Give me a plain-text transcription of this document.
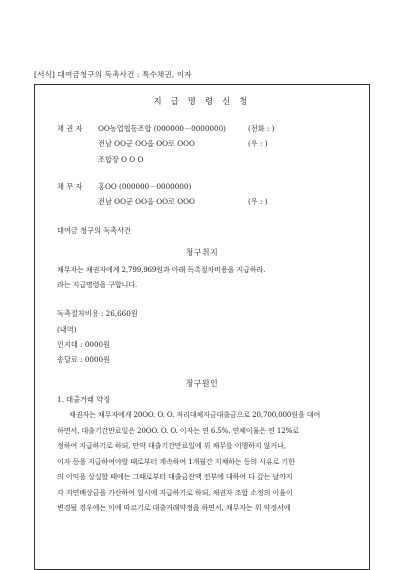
[서식] 대여금청구의 독촉사건 : 특수채권, 이자
지 급 명 령 신 청
채 권 자 OO농업협동조합 (000000－0000000)	(전화 : )
전남 OO군 OO읍 OO로 OOO	(우 : )
조합장 O O O
채 무 자 홍OO (000000－0000000)
전남 OO군 OO읍 OO로 OOO	(우 : )
대여금 청구의 독촉사건
청구취지
채무자는 채권자에게 2,799,969원과 아래 독촉절차비용을 지급하라.
라는 지급명령을 구합니다.
독촉절차비용 : 26,660원
(내역)
인지대 : 0000원
송달료 : 0000원
청구원인
1. 대출거래 약정
채권자는 채무자에게 20OO. O. O. 저리대체자금대출금으로 20,700,000원을 대여
하면서, 대출기간만료일은 20OO. O. O. 이자는 연 6.5%, 연체이율은 연 12%로
정하여 지급하기로 하되, 만약 대출기간만료일에 위 채무를 이행하지 않거나,
이자 등을 지급하여야할 때로부터 계속하여 1개월간 지체하는 등의 사유로 기한
의 이익을 상실할 때에는 그때로부터 대출금잔액 전부에 대하여 다 갚는 날까지
각 지연배상금을 가산하여 일시에 지급하기로 하되, 채권자 조합 소정의 이율이
변경될 경우에는 이에 따르기로 대출거래약정을 하면서, 채무자는 위 약정서에
